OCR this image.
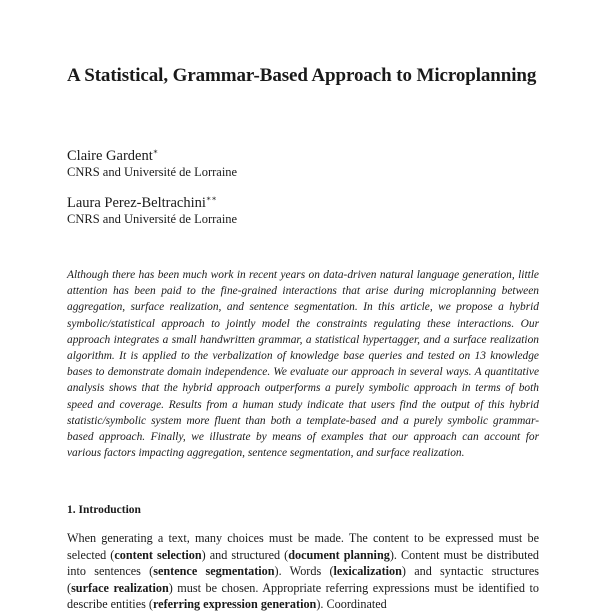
A Statistical, Grammar-Based Approach to Microplanning
Claire Gardent∗
CNRS and Université de Lorraine
Laura Perez-Beltrachini∗∗
CNRS and Université de Lorraine
Although there has been much work in recent years on data-driven natural language generation, little attention has been paid to the fine-grained interactions that arise during microplanning between aggregation, surface realization, and sentence segmentation. In this article, we propose a hybrid symbolic/statistical approach to jointly model the constraints regulating these interactions. Our approach integrates a small handwritten grammar, a statistical hypertagger, and a surface realization algorithm. It is applied to the verbalization of knowledge base queries and tested on 13 knowledge bases to demonstrate domain independence. We evaluate our approach in several ways. A quantitative analysis shows that the hybrid approach outperforms a purely symbolic approach in terms of both speed and coverage. Results from a human study indicate that users find the output of this hybrid statistic/symbolic system more fluent than both a template-based and a purely symbolic grammar-based approach. Finally, we illustrate by means of examples that our approach can account for various factors impacting aggregation, sentence segmentation, and surface realization.
1. Introduction
When generating a text, many choices must be made. The content to be expressed must be selected (content selection) and structured (document planning). Content must be distributed into sentences (sentence segmentation). Words (lexicalization) and syntactic structures (surface realization) must be chosen. Appropriate referring expressions must be identified to describe entities (referring expression generation). Coordinated
